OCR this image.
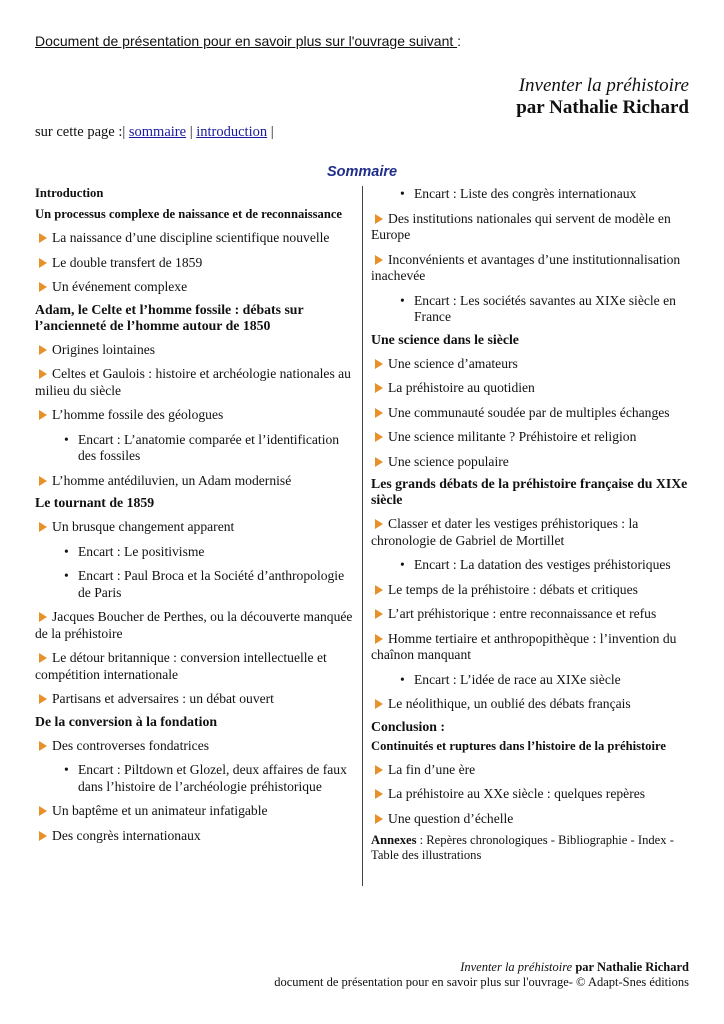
Document de présentation pour en savoir plus sur l'ouvrage suivant :
Inventer la préhistoire
par Nathalie Richard
sur cette page :| sommaire | introduction |
Sommaire
Introduction
Un processus complexe de naissance et de reconnaissance
La naissance d’une discipline scientifique nouvelle
Le double transfert de 1859
Un événement complexe
Adam, le Celte et l’homme fossile : débats sur l’ancienneté de l’homme autour de 1850
Origines lointaines
Celtes et Gaulois : histoire et archéologie nationales au milieu du siècle
L’homme fossile des géologues
• Encart : L’anatomie comparée et l’identification des fossiles
L’homme antédiluvien, un Adam modernisé
Le tournant de 1859
Un brusque changement apparent
• Encart : Le positivisme
• Encart : Paul Broca et la Société d’anthropologie de Paris
Jacques Boucher de Perthes, ou la découverte manquée de la préhistoire
Le détour britannique : conversion intellectuelle et compétition internationale
Partisans et adversaires : un débat ouvert
De la conversion à la fondation
Des controverses fondatrices
• Encart : Piltdown et Glozel, deux affaires de faux dans l’histoire de l’archéologie préhistorique
Un baptême et un animateur infatigable
Des congrès internationaux
• Encart : Liste des congrès internationaux
Des institutions nationales qui servent de modèle en Europe
Inconvénients et avantages d’une institutionnalisation inachevée
• Encart : Les sociétés savantes au XIXe siècle en France
Une science dans le siècle
Une science d’amateurs
La préhistoire au quotidien
Une communauté soudée par de multiples échanges
Une science militante ? Préhistoire et religion
Une science populaire
Les grands débats de la préhistoire française du XIXe siècle
Classer et dater les vestiges préhistoriques : la chronologie de Gabriel de Mortillet
• Encart : La datation des vestiges préhistoriques
Le temps de la préhistoire : débats et critiques
L’art préhistorique : entre reconnaissance et refus
Homme tertiaire et anthropopithèque : l’invention du chaînon manquant
• Encart : L’idée de race au XIXe siècle
Le néolithique, un oublié des débats français
Conclusion :
Continuités et ruptures dans l’histoire de la préhistoire
La fin d’une ère
La préhistoire au XXe siècle : quelques repères
Une question d’échelle
Annexes : Repères chronologiques - Bibliographie - Index - Table des illustrations
Inventer la préhistoire par Nathalie Richard
document de présentation pour en savoir plus sur l'ouvrage- © Adapt-Snes éditions
